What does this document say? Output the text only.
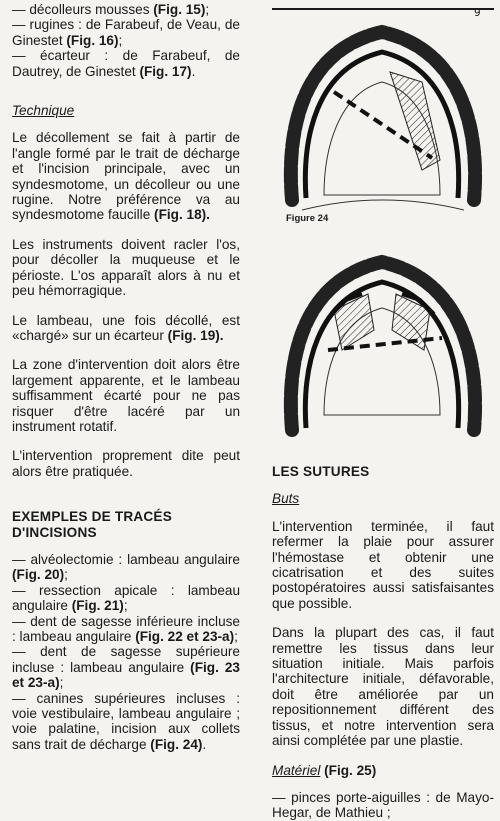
— décolleurs mousses (Fig. 15);

— rugines : de Farabeuf, de Veau, de Ginestet (Fig. 16);

— écarteur : de Farabeuf, de Dautrey, de Ginestet (Fig. 17).

Technique

Le décollement se fait à partir de l'angle formé par le trait de décharge et l'incision principale, avec un syndesmotome, un décolleur ou une rugine. Notre préférence va au syndesmotome faucille (Fig. 18).

Les instruments doivent racler l'os, pour décoller la muqueuse et le périoste. L'os apparaît alors à nu et peu hémorragique.

Le lambeau, une fois décollé, est «chargé» sur un écarteur (Fig. 19).

La zone d'intervention doit alors être largement apparente, et le lambeau suffisamment écarté pour ne pas risquer d'être lacéré par un instrument rotatif.

L'intervention proprement dite peut alors être pratiquée.

EXEMPLES DE TRACÉS

D'INCISIONS

— alvéolectomie : lambeau angulaire (Fig. 20);

— ressection apicale : lambeau angulaire (Fig. 21);

— dent de sagesse inférieure incluse : lambeau angulaire (Fig. 22 et 23-a);

— dent de sagesse supérieure incluse : lambeau angulaire (Fig. 23 et 23-a);

— canines supérieures incluses : voie vestibulaire, lambeau angulaire ; voie palatine, incision aux collets sans trait de décharge (Fig. 24).

9
Figure 24

LES SUTURES

Buts

L'intervention terminée, il faut refermer la plaie pour assurer l'hémostase et obtenir une cicatrisation et des suites postopératoires aussi satisfaisantes que possible.

Dans la plupart des cas, il faut remettre les tissus dans leur situation initiale. Mais parfois l'architecture initiale, défavorable, doit être améliorée par un repositionnement différent des tissus, et notre intervention sera ainsi complétée par une plastie.

Matériel (Fig. 25)

— pinces porte-aiguilles : de Mayo-Hegar, de Mathieu ;
